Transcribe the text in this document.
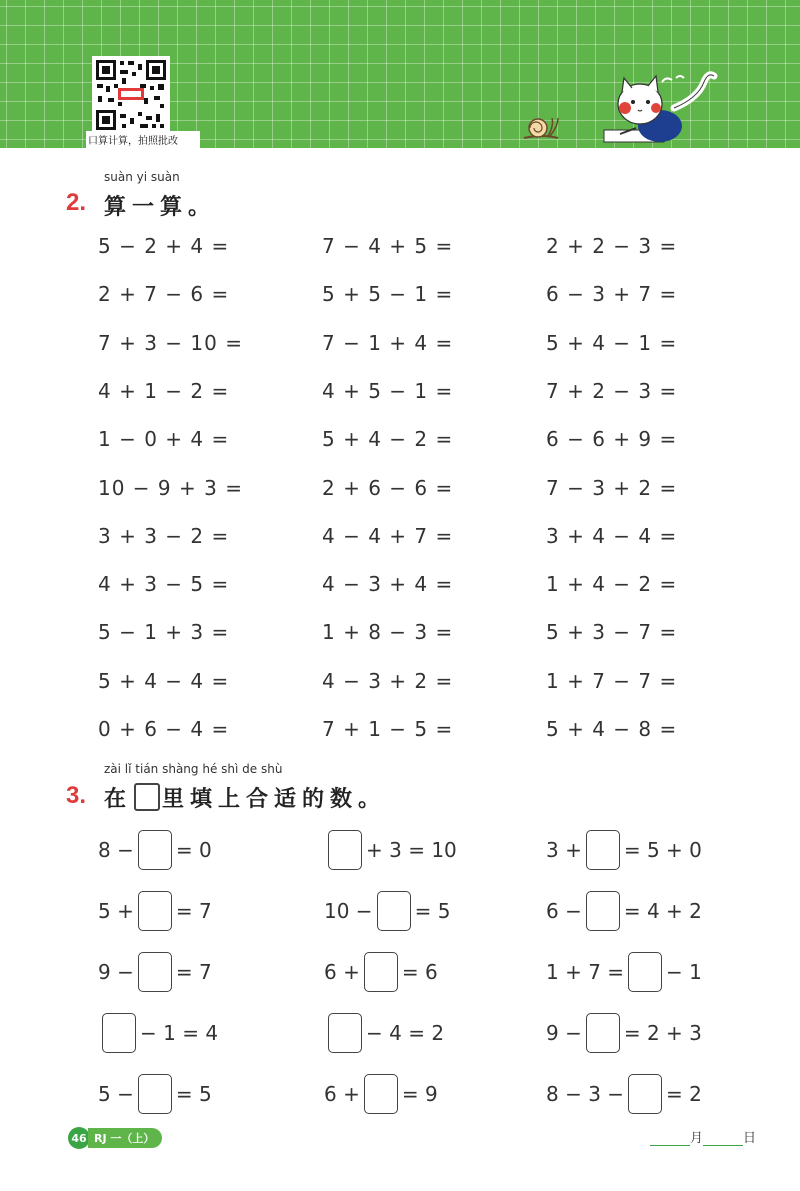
口算计算，拍照批改
suàn yi suàn
2. 算一算。
5 − 2 + 4 =	7 − 4 + 5 =	2 + 2 − 3 =
2 + 7 − 6 =	5 + 5 − 1 =	6 − 3 + 7 =
7 + 3 − 10 =	7 − 1 + 4 =	5 + 4 − 1 =
4 + 1 − 2 =	4 + 5 − 1 =	7 + 2 − 3 =
1 − 0 + 4 =	5 + 4 − 2 =	6 − 6 + 9 =
10 − 9 + 3 =	2 + 6 − 6 =	7 − 3 + 2 =
3 + 3 − 2 =	4 − 4 + 7 =	3 + 4 − 4 =
4 + 3 − 5 =	4 − 3 + 4 =	1 + 4 − 2 =
5 − 1 + 3 =	1 + 8 − 3 =	5 + 3 − 7 =
5 + 4 − 4 =	4 − 3 + 2 =	1 + 7 − 7 =
0 + 6 − 4 =	7 + 1 − 5 =	5 + 4 − 8 =
zài lǐ tián shàng hé shì de shù
3. 在 里填上合适的数。
8 − = 0	+ 3 = 10	3 + = 5 + 0
5 + = 7	10 − = 5	6 − = 4 + 2
9 − = 7	6 + = 6	1 + 7 = − 1
− 1 = 4	− 4 = 2	9 − = 2 + 3
5 − = 5	6 + = 9	8 − 3 − = 2
46 RJ 一（上）	月	日
